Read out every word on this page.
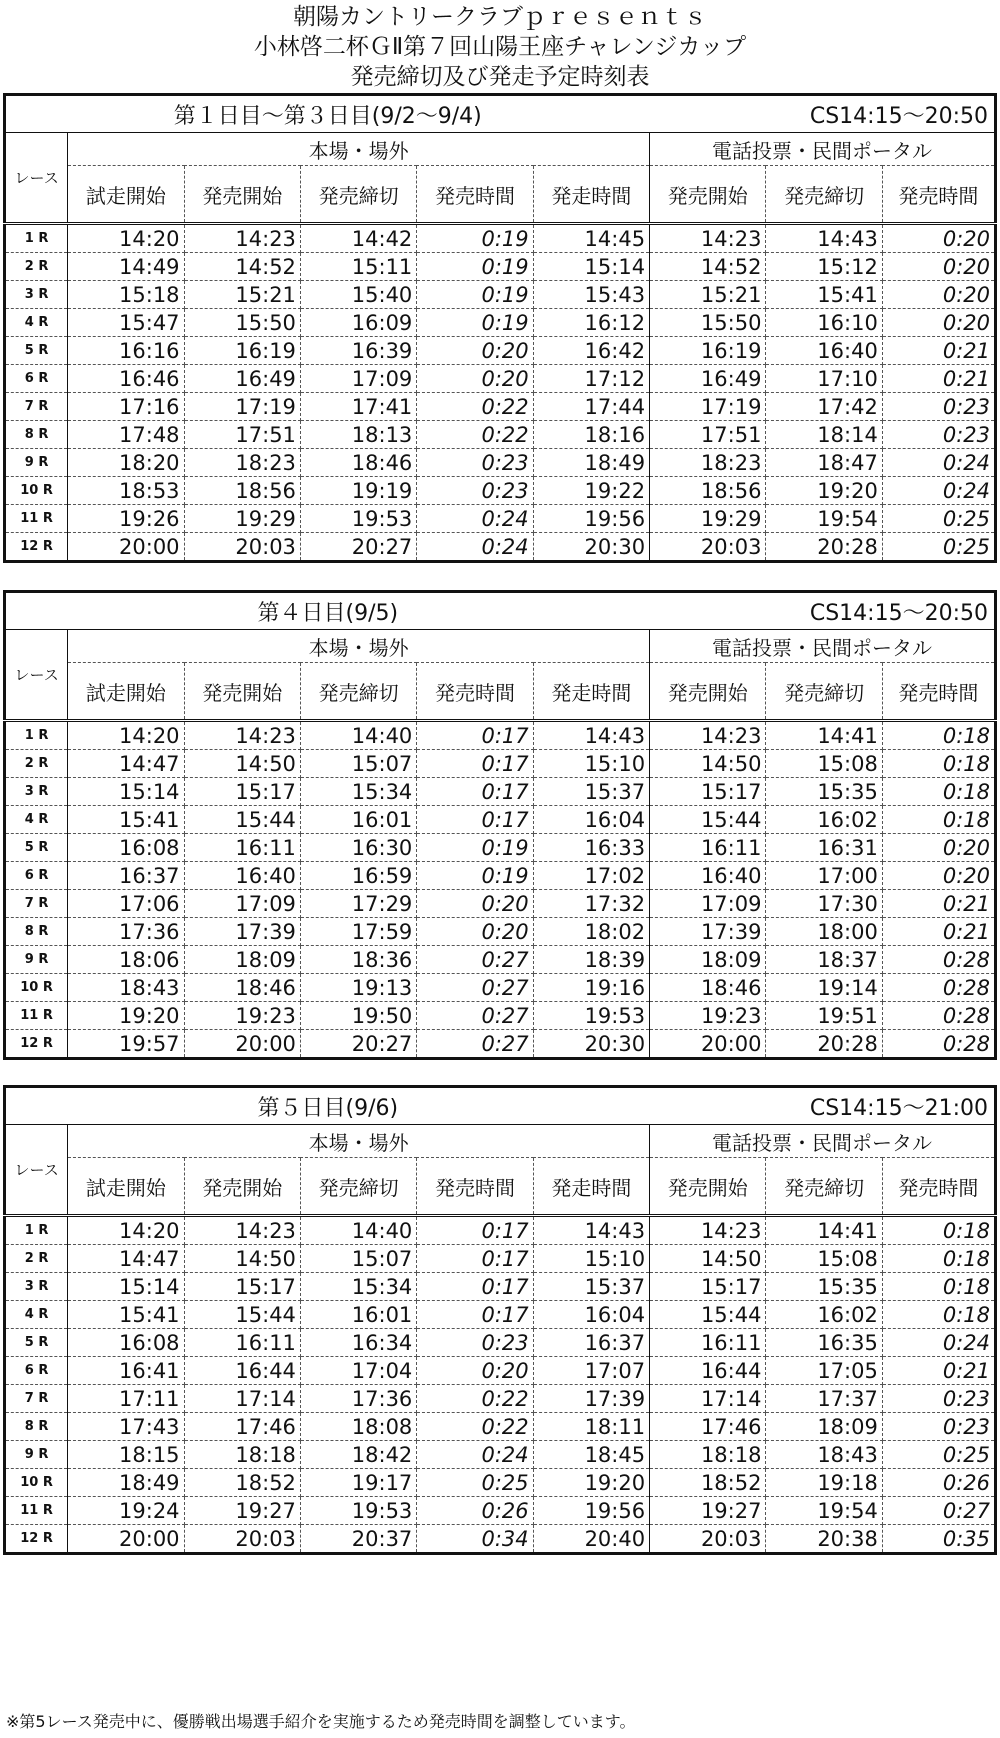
朝陽カントリークラブｐｒｅｓｅｎｔｓ
小林啓二杯ＧⅡ第７回山陽王座チャレンジカップ
発売締切及び発走予定時刻表
第１日目～第３日目(9/2～9/4)						CS14:15～20:50		
レース	本場・場外					電話投票・民間ポータル		
	試走開始	発売開始	発売締切	発売時間	発走時間	発売開始	発売締切	発売時間
1 R	14:20	14:23	14:42	0:19	14:45	14:23	14:43	0:20
2 R	14:49	14:52	15:11	0:19	15:14	14:52	15:12	0:20
3 R	15:18	15:21	15:40	0:19	15:43	15:21	15:41	0:20
4 R	15:47	15:50	16:09	0:19	16:12	15:50	16:10	0:20
5 R	16:16	16:19	16:39	0:20	16:42	16:19	16:40	0:21
6 R	16:46	16:49	17:09	0:20	17:12	16:49	17:10	0:21
7 R	17:16	17:19	17:41	0:22	17:44	17:19	17:42	0:23
8 R	17:48	17:51	18:13	0:22	18:16	17:51	18:14	0:23
9 R	18:20	18:23	18:46	0:23	18:49	18:23	18:47	0:24
10 R	18:53	18:56	19:19	0:23	19:22	18:56	19:20	0:24
11 R	19:26	19:29	19:53	0:24	19:56	19:29	19:54	0:25
12 R	20:00	20:03	20:27	0:24	20:30	20:03	20:28	0:25
第４日目(9/5)						CS14:15～20:50		
レース	本場・場外					電話投票・民間ポータル		
	試走開始	発売開始	発売締切	発売時間	発走時間	発売開始	発売締切	発売時間
1 R	14:20	14:23	14:40	0:17	14:43	14:23	14:41	0:18
2 R	14:47	14:50	15:07	0:17	15:10	14:50	15:08	0:18
3 R	15:14	15:17	15:34	0:17	15:37	15:17	15:35	0:18
4 R	15:41	15:44	16:01	0:17	16:04	15:44	16:02	0:18
5 R	16:08	16:11	16:30	0:19	16:33	16:11	16:31	0:20
6 R	16:37	16:40	16:59	0:19	17:02	16:40	17:00	0:20
7 R	17:06	17:09	17:29	0:20	17:32	17:09	17:30	0:21
8 R	17:36	17:39	17:59	0:20	18:02	17:39	18:00	0:21
9 R	18:06	18:09	18:36	0:27	18:39	18:09	18:37	0:28
10 R	18:43	18:46	19:13	0:27	19:16	18:46	19:14	0:28
11 R	19:20	19:23	19:50	0:27	19:53	19:23	19:51	0:28
12 R	19:57	20:00	20:27	0:27	20:30	20:00	20:28	0:28
第５日目(9/6)						CS14:15～21:00		
レース	本場・場外					電話投票・民間ポータル		
	試走開始	発売開始	発売締切	発売時間	発走時間	発売開始	発売締切	発売時間
1 R	14:20	14:23	14:40	0:17	14:43	14:23	14:41	0:18
2 R	14:47	14:50	15:07	0:17	15:10	14:50	15:08	0:18
3 R	15:14	15:17	15:34	0:17	15:37	15:17	15:35	0:18
4 R	15:41	15:44	16:01	0:17	16:04	15:44	16:02	0:18
5 R	16:08	16:11	16:34	0:23	16:37	16:11	16:35	0:24
6 R	16:41	16:44	17:04	0:20	17:07	16:44	17:05	0:21
7 R	17:11	17:14	17:36	0:22	17:39	17:14	17:37	0:23
8 R	17:43	17:46	18:08	0:22	18:11	17:46	18:09	0:23
9 R	18:15	18:18	18:42	0:24	18:45	18:18	18:43	0:25
10 R	18:49	18:52	19:17	0:25	19:20	18:52	19:18	0:26
11 R	19:24	19:27	19:53	0:26	19:56	19:27	19:54	0:27
12 R	20:00	20:03	20:37	0:34	20:40	20:03	20:38	0:35
※第5レース発売中に、優勝戦出場選手紹介を実施するため発売時間を調整しています。
